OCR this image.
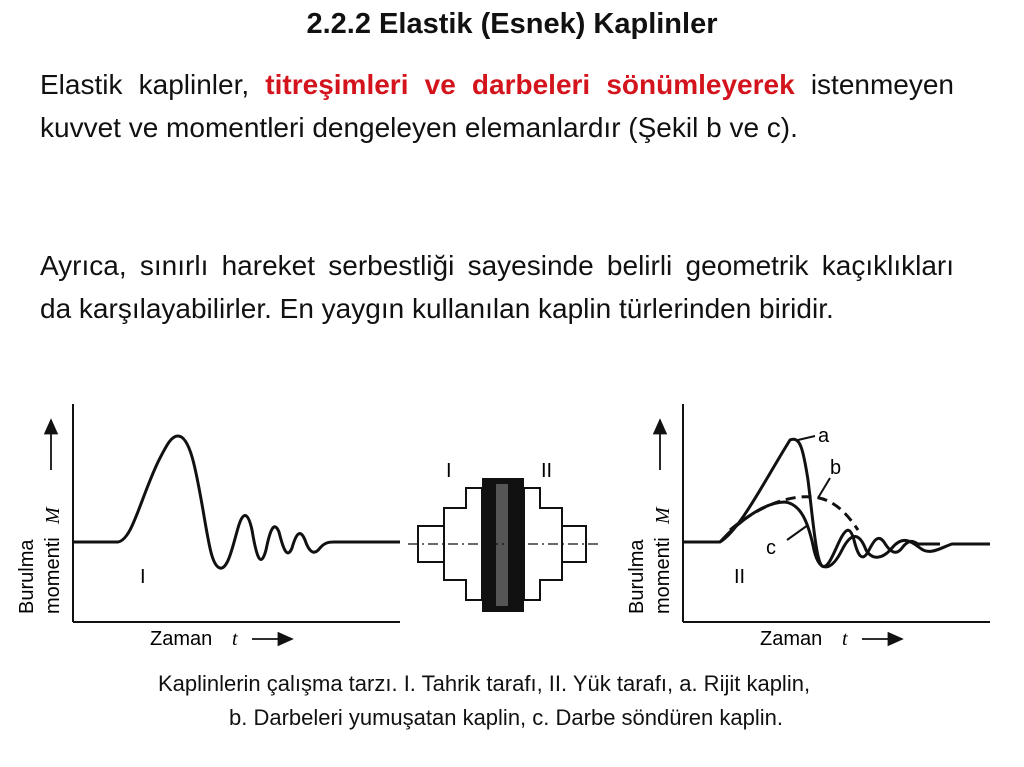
2.2.2 Elastik (Esnek) Kaplinler
Elastik kaplinler, titreşimleri ve darbeleri sönümleyerek istenmeyen kuvvet ve momentleri dengeleyen elemanlardır (Şekil b ve c).
Ayrıca, sınırlı hareket serbestliği sayesinde belirli geometrik kaçıklıkları da karşılayabilirler. En yaygın kullanılan kaplin türlerinden biridir.
I
Burulma momenti
M
Zaman t
I	II
a
b
c
II
Burulma momenti
M
Zaman t
Kaplinlerin çalışma tarzı. I. Tahrik tarafı, II. Yük tarafı, a. Rijit kaplin,
b. Darbeleri yumuşatan kaplin, c. Darbe söndüren kaplin.
